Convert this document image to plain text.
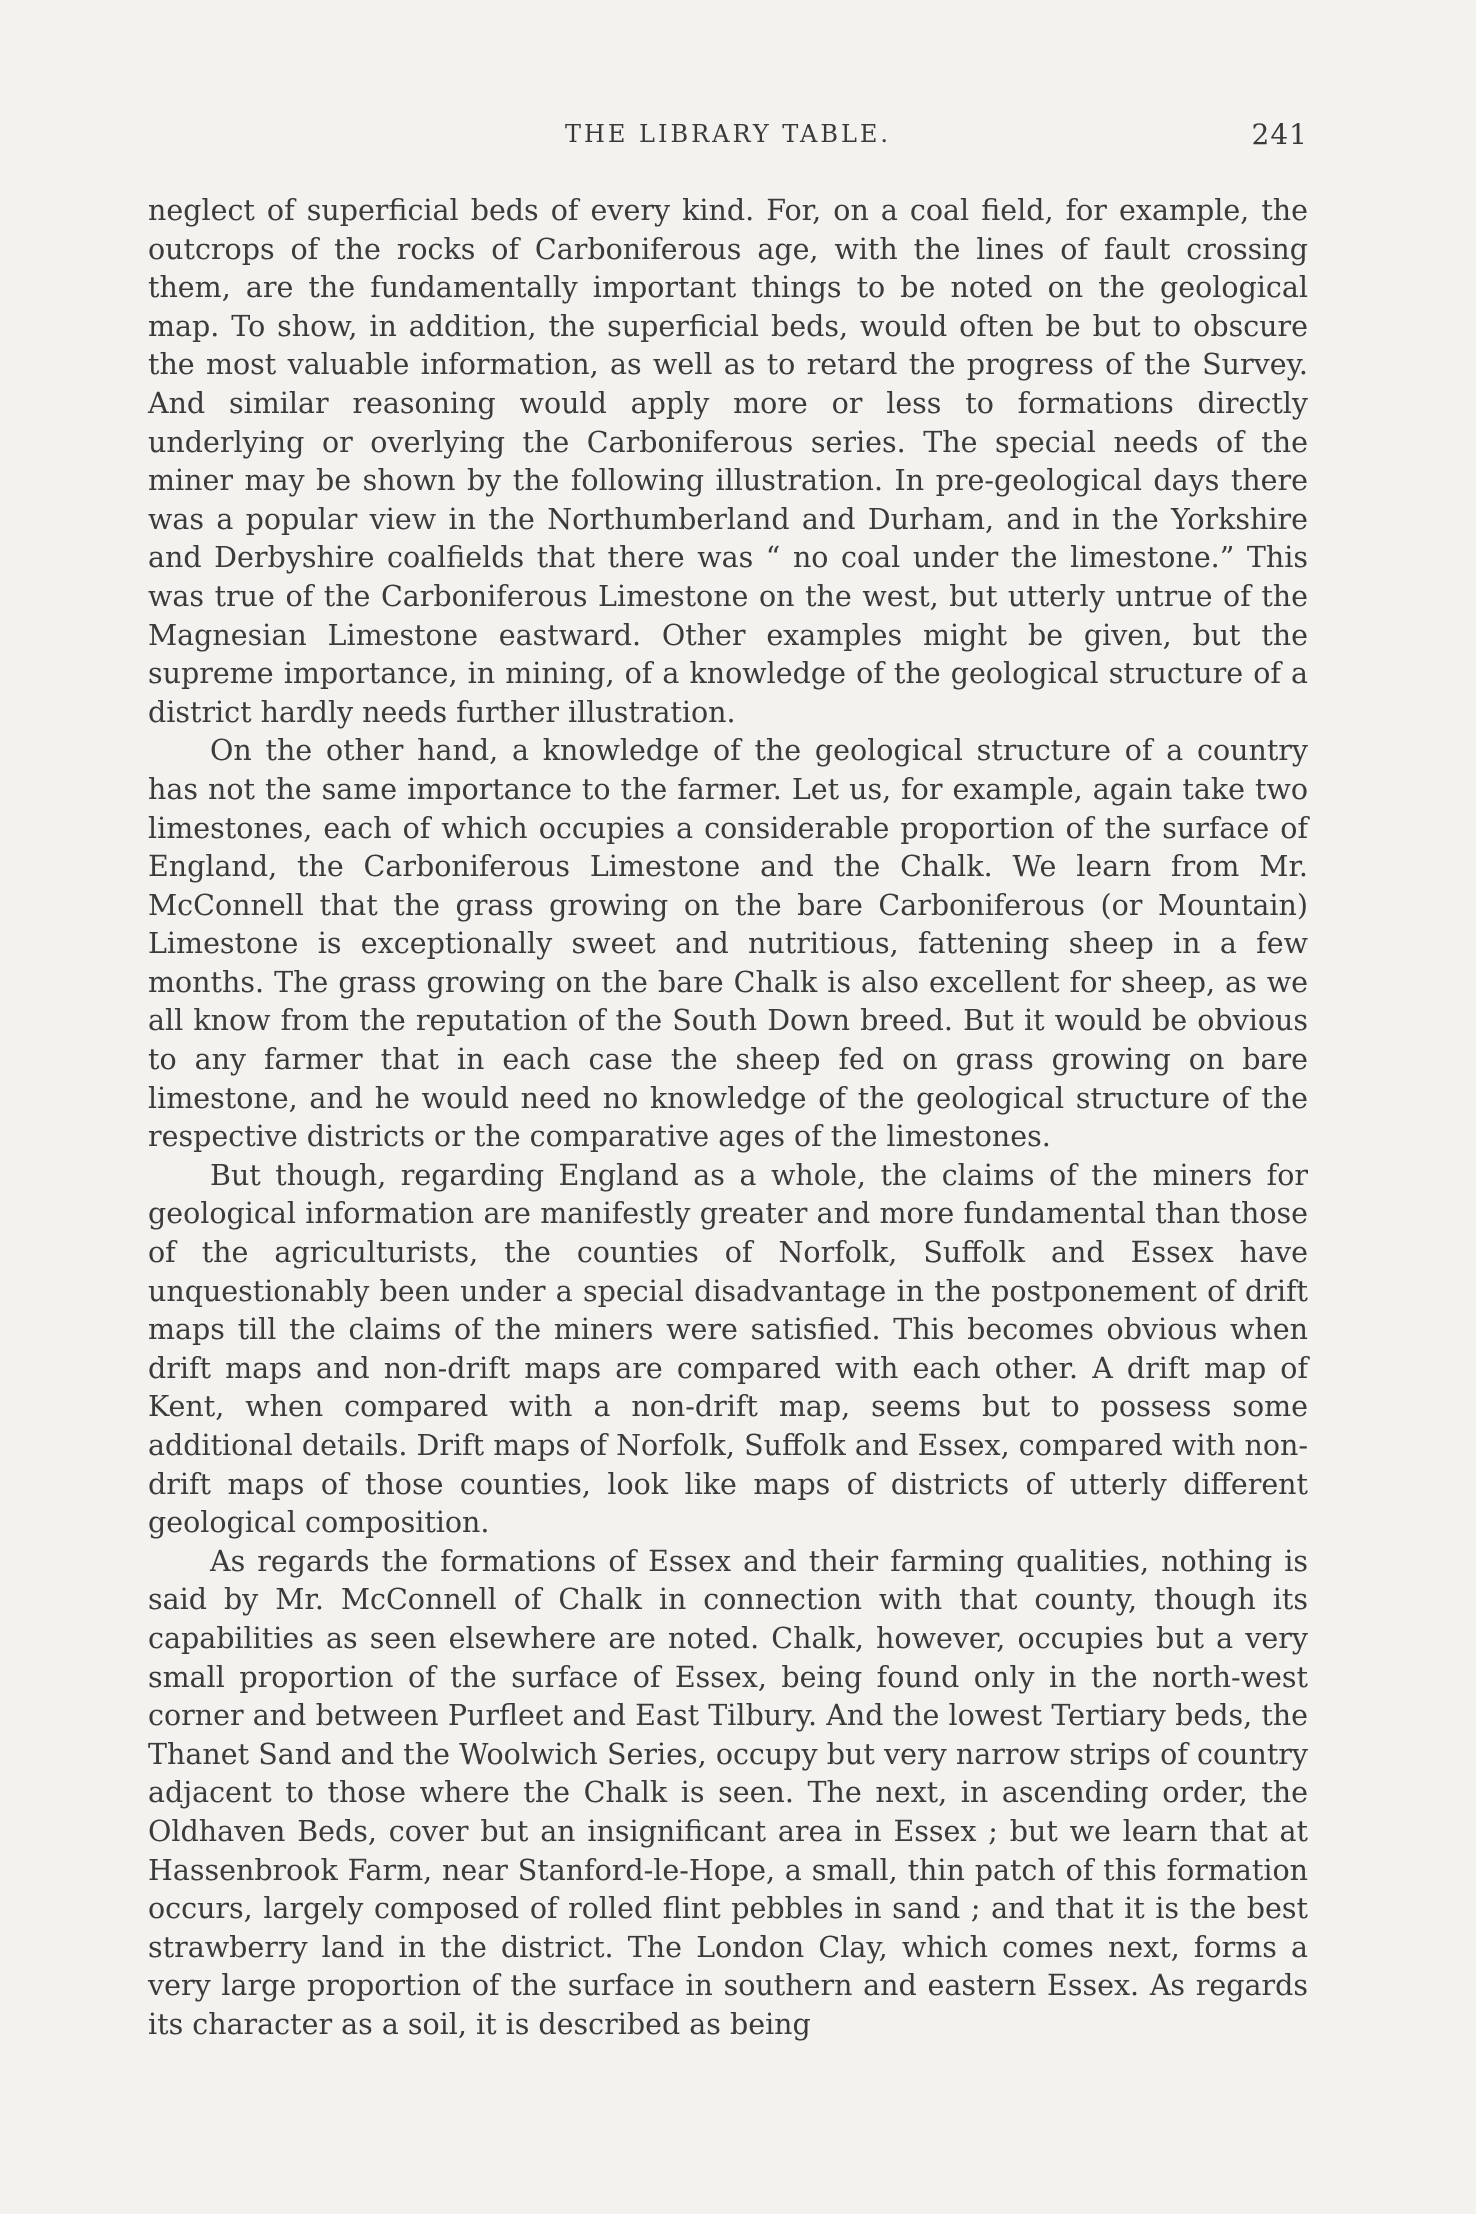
THE LIBRARY TABLE.	241

neglect of superficial beds of every kind. For, on a coal field, for example, the outcrops of the rocks of Carboniferous age, with the lines of fault crossing them, are the fundamentally important things to be noted on the geological map. To show, in addition, the superficial beds, would often be but to obscure the most valuable information, as well as to retard the progress of the Survey. And similar reasoning would apply more or less to formations directly underlying or overlying the Carboniferous series. The special needs of the miner may be shown by the following illustration. In pre-geological days there was a popular view in the Northumberland and Durham, and in the Yorkshire and Derbyshire coalfields that there was “ no coal under the limestone.” This was true of the Carboniferous Limestone on the west, but utterly untrue of the Magnesian Limestone eastward. Other examples might be given, but the supreme importance, in mining, of a knowledge of the geological structure of a district hardly needs further illustration.

On the other hand, a knowledge of the geological structure of a country has not the same importance to the farmer. Let us, for example, again take two limestones, each of which occupies a considerable proportion of the surface of England, the Carboniferous Limestone and the Chalk. We learn from Mr. McConnell that the grass growing on the bare Carboniferous (or Mountain) Limestone is exceptionally sweet and nutritious, fattening sheep in a few months. The grass growing on the bare Chalk is also excellent for sheep, as we all know from the reputation of the South Down breed. But it would be obvious to any farmer that in each case the sheep fed on grass growing on bare limestone, and he would need no knowledge of the geological structure of the respective districts or the comparative ages of the limestones.

But though, regarding England as a whole, the claims of the miners for geological information are manifestly greater and more fundamental than those of the agriculturists, the counties of Norfolk, Suffolk and Essex have unquestionably been under a special disadvantage in the postponement of drift maps till the claims of the miners were satisfied. This becomes obvious when drift maps and non-drift maps are compared with each other. A drift map of Kent, when compared with a non-drift map, seems but to possess some additional details. Drift maps of Norfolk, Suffolk and Essex, compared with non-drift maps of those counties, look like maps of districts of utterly different geological composition.

As regards the formations of Essex and their farming qualities, nothing is said by Mr. McConnell of Chalk in connection with that county, though its capabilities as seen elsewhere are noted. Chalk, however, occupies but a very small proportion of the surface of Essex, being found only in the north-west corner and between Purfleet and East Tilbury. And the lowest Tertiary beds, the Thanet Sand and the Woolwich Series, occupy but very narrow strips of country adjacent to those where the Chalk is seen. The next, in ascending order, the Oldhaven Beds, cover but an insignificant area in Essex ; but we learn that at Hassenbrook Farm, near Stanford-le-Hope, a small, thin patch of this formation occurs, largely composed of rolled flint pebbles in sand ; and that it is the best strawberry land in the district. The London Clay, which comes next, forms a very large proportion of the surface in southern and eastern Essex. As regards its character as a soil, it is described as being
